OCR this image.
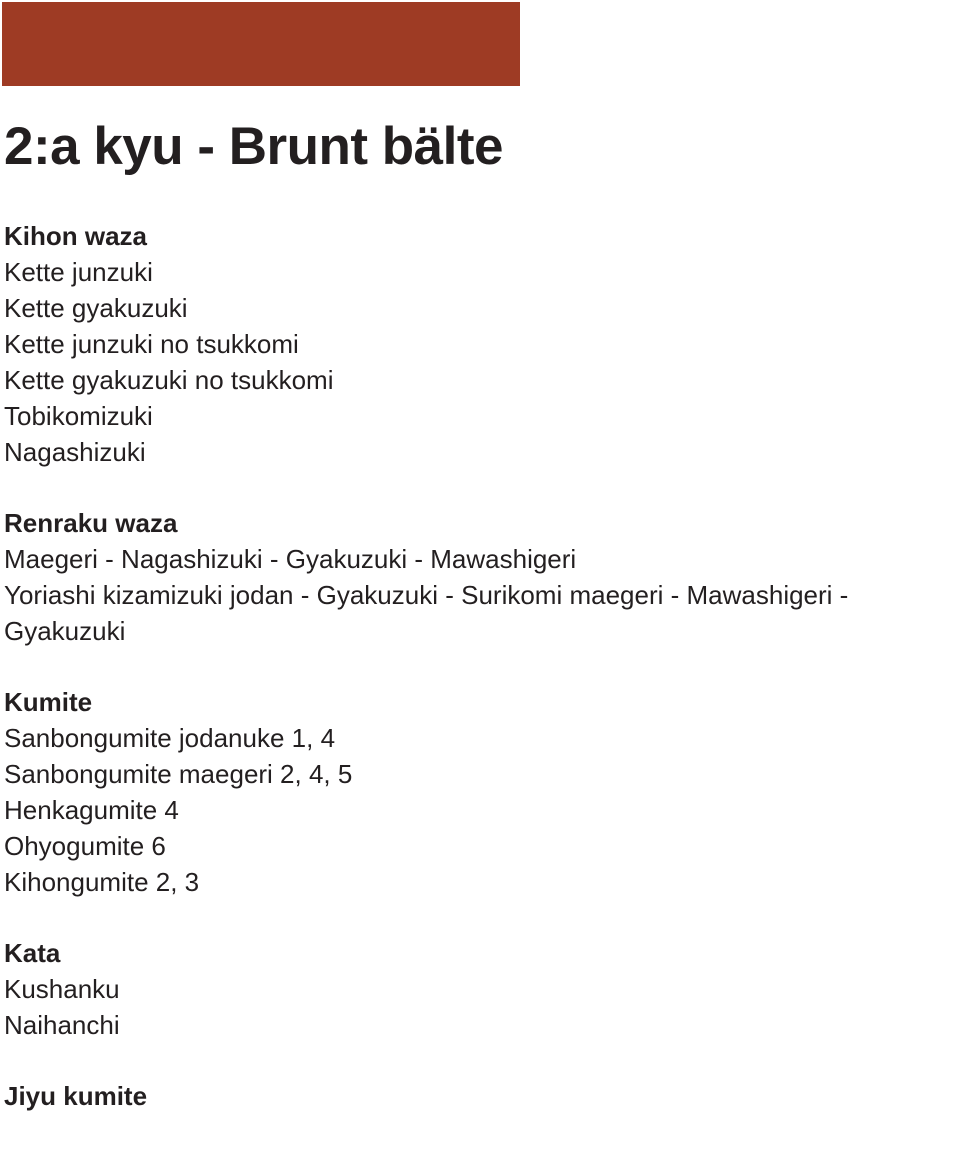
2:a kyu - Brunt bälte
Kihon waza

Kette junzuki

Kette gyakuzuki

Kette junzuki no tsukkomi

Kette gyakuzuki no tsukkomi

Tobikomizuki

Nagashizuki

Renraku waza

Maegeri - Nagashizuki - Gyakuzuki - Mawashigeri

Yoriashi kizamizuki jodan - Gyakuzuki - Surikomi maegeri - Mawashigeri - Gyakuzuki

Kumite

Sanbongumite jodanuke 1, 4

Sanbongumite maegeri 2, 4, 5

Henkagumite 4

Ohyogumite 6

Kihongumite 2, 3

Kata

Kushanku

Naihanchi

Jiyu kumite
